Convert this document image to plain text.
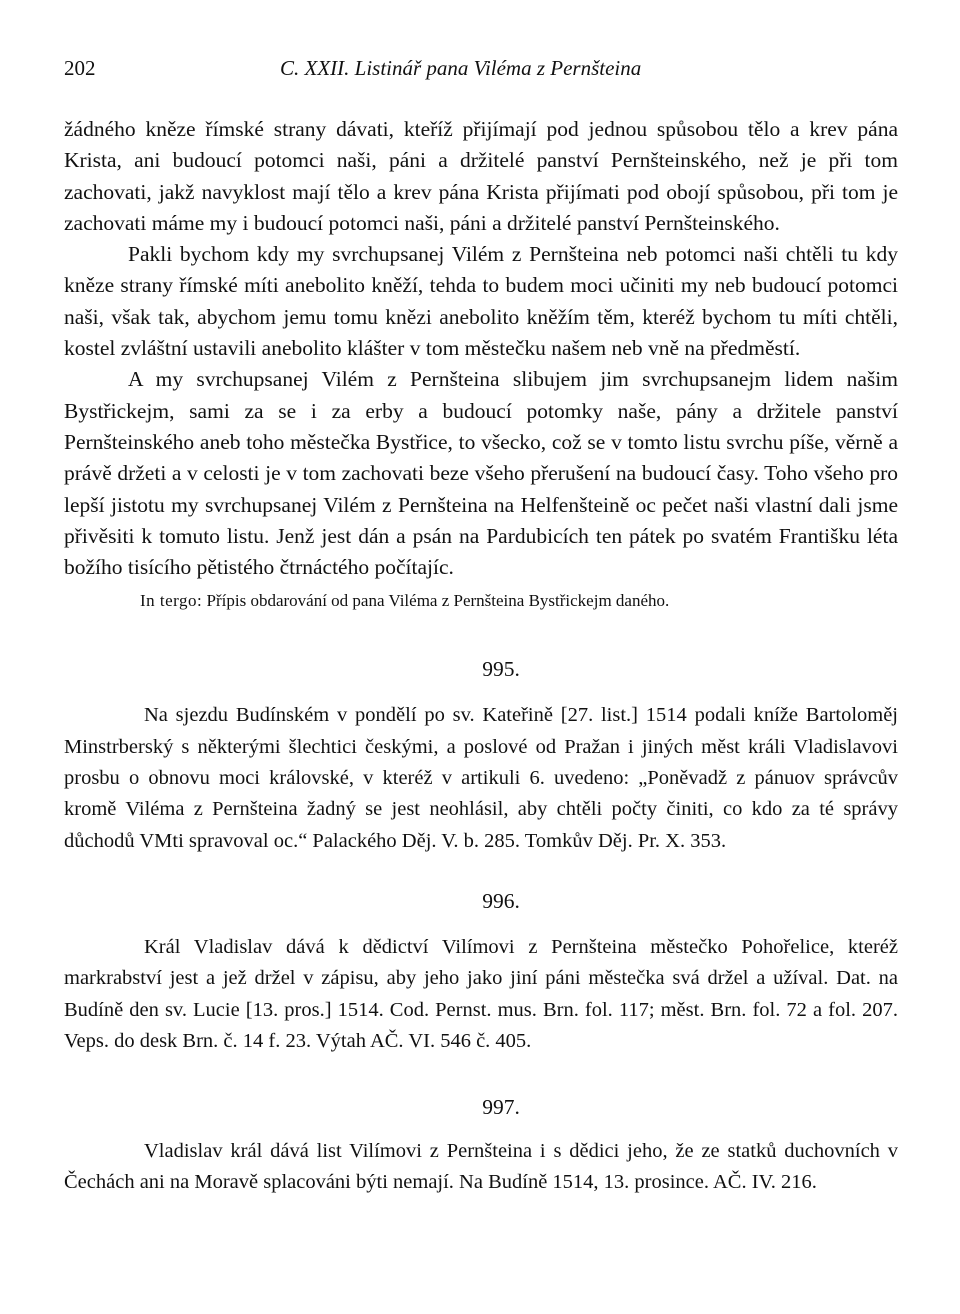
202	C. XXII. Listinář pana Viléma z Pernšteina

žádného kněze římské strany dávati, kteříž přijímají pod jednou spůsobou tělo a krev pána Krista, ani budoucí potomci naši, páni a držitelé panství Pernšteinského, než je při tom zachovati, jakž navyklost mají tělo a krev pána Krista přijímati pod obojí spůsobou, při tom je zachovati máme my i budoucí potomci naši, páni a držitelé panství Pernšteinského.

Pakli bychom kdy my svrchupsanej Vilém z Pernšteina neb potomci naši chtěli tu kdy kněze strany římské míti anebolito kněží, tehda to budem moci učiniti my neb budoucí potomci naši, však tak, abychom jemu tomu knězi anebolito kněžím těm, kteréž bychom tu míti chtěli, kostel zvláštní ustavili anebolito klášter v tom městečku našem neb vně na předměstí.

A my svrchupsanej Vilém z Pernšteina slibujem jim svrchupsanejm lidem našim Bystřickejm, sami za se i za erby a budoucí potomky naše, pány a držitele panství Pernšteinského aneb toho městečka Bystřice, to všecko, což se v tomto listu svrchu píše, věrně a právě držeti a v celosti je v tom zachovati beze všeho přerušení na budoucí časy. Toho všeho pro lepší jistotu my svrchupsanej Vilém z Pernšteina na Helfenšteině oc pečet naši vlastní dali jsme přivěsiti k tomuto listu. Jenž jest dán a psán na Pardubicích ten pátek po svatém Františku léta božího tisícího pětistého čtrnáctého počítajíc.

In tergo: Přípis obdarování od pana Viléma z Pernšteina Bystřickejm daného.

995.

Na sjezdu Budínském v pondělí po sv. Kateřině [27. list.] 1514 podali kníže Bartoloměj Minstrberský s některými šlechtici českými, a poslové od Pražan i jiných měst králi Vladislavovi prosbu o obnovu moci královské, v kteréž v artikuli 6. uvedeno: „Poněvadž z pánuov správcův kromě Viléma z Pernšteina žadný se jest neohlásil, aby chtěli počty činiti, co kdo za té správy důchodů VMti spravoval oc.“ Palackého Děj. V. b. 285. Tomkův Děj. Pr. X. 353.

996.

Král Vladislav dává k dědictví Vilímovi z Pernšteina městečko Pohořelice, kteréž markrabství jest a jež držel v zápisu, aby jeho jako jiní páni městečka svá držel a užíval. Dat. na Budíně den sv. Lucie [13. pros.] 1514. Cod. Pernst. mus. Brn. fol. 117; měst. Brn. fol. 72 a fol. 207. Veps. do desk Brn. č. 14 f. 23. Výtah AČ. VI. 546 č. 405.

997.

Vladislav král dává list Vilímovi z Pernšteina i s dědici jeho, že ze statků duchovních v Čechách ani na Moravě splacováni býti nemají. Na Budíně 1514, 13. prosince. AČ. IV. 216.
